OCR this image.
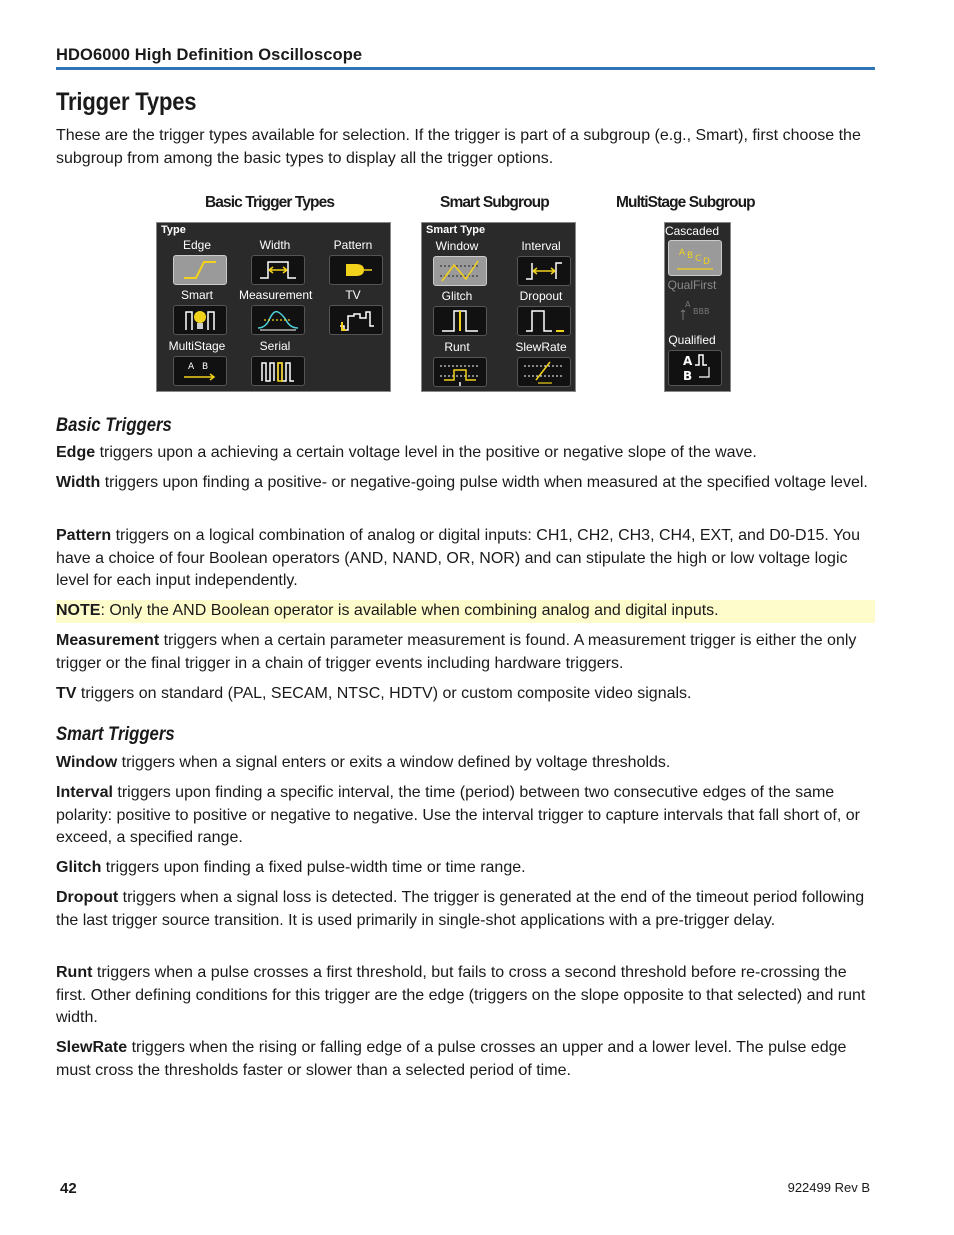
HDO6000 High Definition Oscilloscope
Trigger Types
These are the trigger types available for selection. If the trigger is part of a subgroup (e.g., Smart), first choose the subgroup from among the basic types to display all the trigger options.
Basic Trigger Types	Smart Subgroup	MultiStage Subgroup
Type
Edge	Width	Pattern
Smart	Measurement	TV
MultiStage
A B
Serial
Smart Type
Window	Interval
Glitch	Dropout
Runt	SlewRate
Cascaded
A B C D
QualFirst
A
BBB
Qualified
A
B
Basic Triggers

Edge triggers upon a achieving a certain voltage level in the positive or negative slope of the wave.

Width triggers upon finding a positive- or negative-going pulse width when measured at the specified voltage level.

Pattern triggers on a logical combination of analog or digital inputs: CH1, CH2, CH3, CH4, EXT, and D0-D15. You have a choice of four Boolean operators (AND, NAND, OR, NOR) and can stipulate the high or low voltage logic level for each input independently.

NOTE: Only the AND Boolean operator is available when combining analog and digital inputs.

Measurement triggers when a certain parameter measurement is found. A measurement trigger is either the only trigger or the final trigger in a chain of trigger events including hardware triggers.

TV triggers on standard (PAL, SECAM, NTSC, HDTV) or custom composite video signals.

Smart Triggers

Window triggers when a signal enters or exits a window defined by voltage thresholds.

Interval triggers upon finding a specific interval, the time (period) between two consecutive edges of the same polarity: positive to positive or negative to negative. Use the interval trigger to capture intervals that fall short of, or exceed, a specified range.

Glitch triggers upon finding a fixed pulse-width time or time range.

Dropout triggers when a signal loss is detected. The trigger is generated at the end of the timeout period following the last trigger source transition. It is used primarily in single-shot applications with a pre-trigger delay.

Runt triggers when a pulse crosses a first threshold, but fails to cross a second threshold before re-crossing the first. Other defining conditions for this trigger are the edge (triggers on the slope opposite to that selected) and runt width.

SlewRate triggers when the rising or falling edge of a pulse crosses an upper and a lower level. The pulse edge must cross the thresholds faster or slower than a selected period of time.

42	922499 Rev B
